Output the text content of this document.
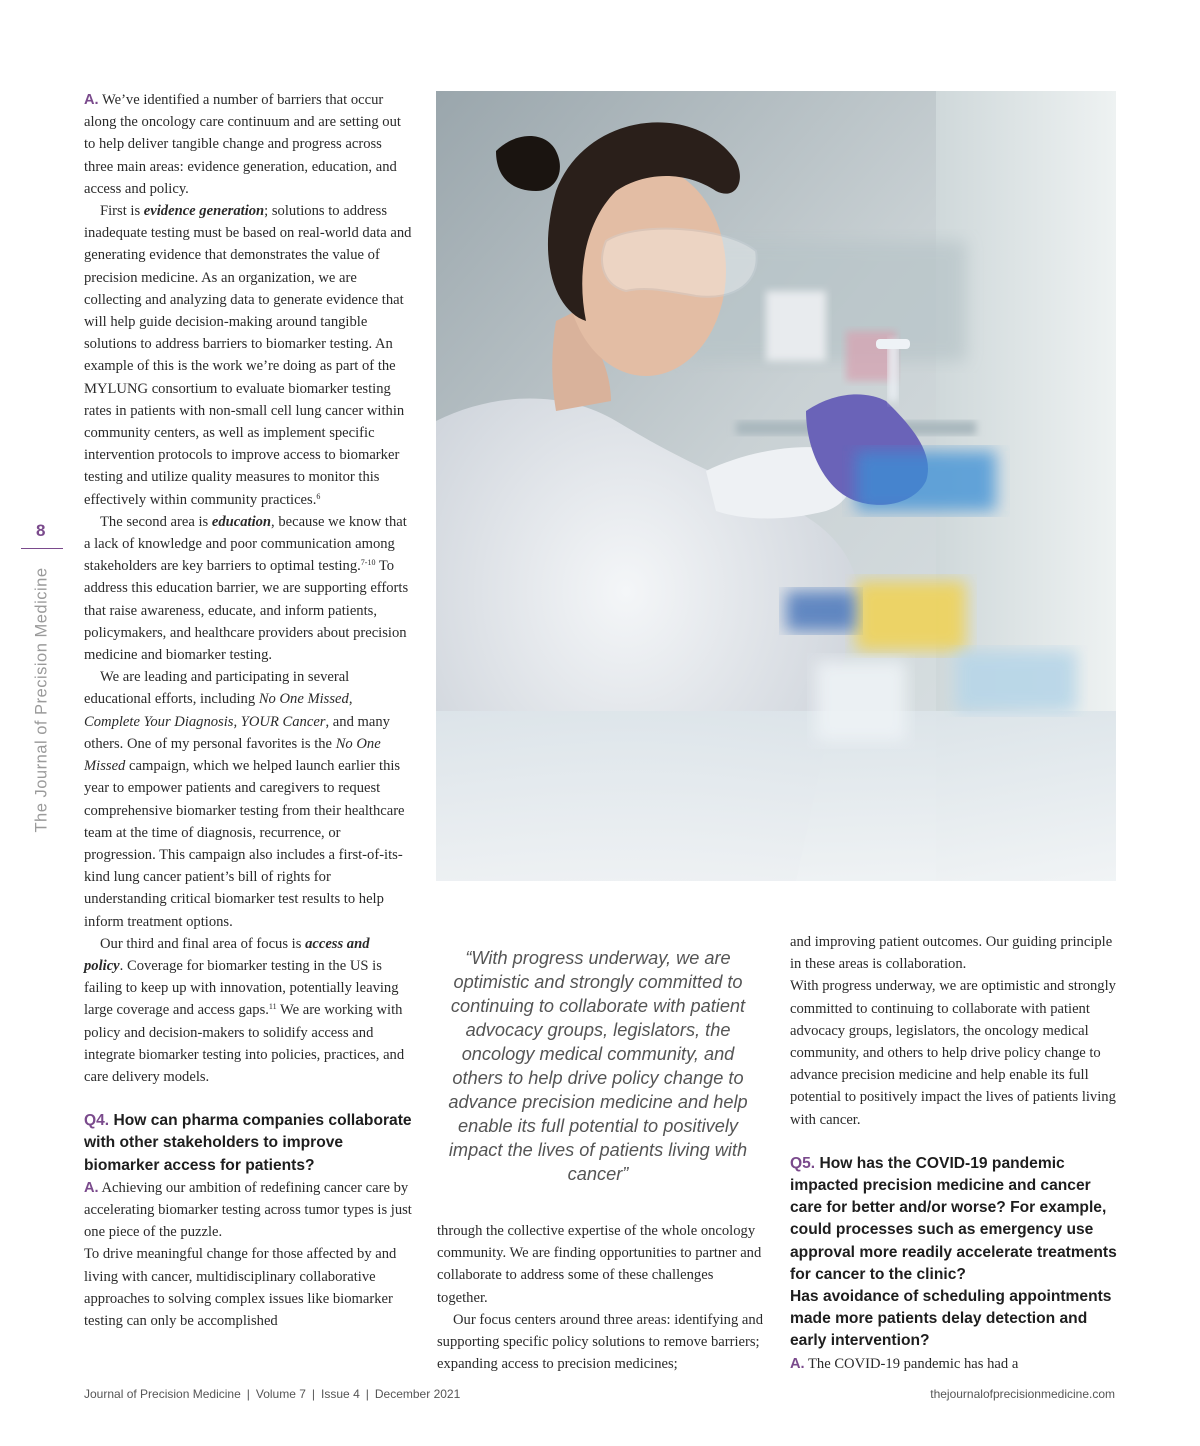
8
The Journal of Precision Medicine

A. We’ve identified a number of barriers that occur along the oncology care continuum and are setting out to help deliver tangible change and progress across three main areas: evidence generation, education, and access and policy.

First is evidence generation; solutions to address inadequate testing must be based on real-world data and generating evidence that demonstrates the value of precision medicine. As an organization, we are collecting and analyzing data to generate evidence that will help guide decision-making around tangible solutions to address barriers to biomarker testing. An example of this is the work we’re doing as part of the MYLUNG consortium to evaluate biomarker testing rates in patients with non-small cell lung cancer within community centers, as well as implement specific intervention protocols to improve access to biomarker testing and utilize quality measures to monitor this effectively within community practices.$^6$

The second area is education, because we know that a lack of knowledge and poor communication among stakeholders are key barriers to optimal testing.$^{7-10}$ To address this education barrier, we are supporting efforts that raise awareness, educate, and inform patients, policymakers, and healthcare providers about precision medicine and biomarker testing.

We are leading and participating in several educational efforts, including No One Missed, Complete Your Diagnosis, YOUR Cancer, and many others. One of my personal favorites is the No One Missed campaign, which we helped launch earlier this year to empower patients and caregivers to request comprehensive biomarker testing from their healthcare team at the time of diagnosis, recurrence, or progression. This campaign also includes a first-of-its-kind lung cancer patient’s bill of rights for understanding critical biomarker test results to help inform treatment options.

Our third and final area of focus is access and policy. Coverage for biomarker testing in the US is failing to keep up with innovation, potentially leaving large coverage and access gaps.$^{11}$ We are working with policy and decision-makers to solidify access and integrate biomarker testing into policies, practices, and care delivery models.

Q4. How can pharma companies collaborate with other stakeholders to improve biomarker access for patients?

A. Achieving our ambition of redefining cancer care by accelerating biomarker testing across tumor types is just one piece of the puzzle.

To drive meaningful change for those affected by and living with cancer, multidisciplinary collaborative approaches to solving complex issues like biomarker testing can only be accomplished

“With progress underway, we are optimistic and strongly committed to continuing to collaborate with patient advocacy groups, legislators, the oncology medical community, and others to help drive policy change to advance precision medicine and help enable its full potential to positively impact the lives of patients living with cancer”

through the collective expertise of the whole oncology community. We are finding opportunities to partner and collaborate to address some of these challenges together.

Our focus centers around three areas: identifying and supporting specific policy solutions to remove barriers; expanding access to precision medicines;

and improving patient outcomes. Our guiding principle in these areas is collaboration.

With progress underway, we are optimistic and strongly committed to continuing to collaborate with patient advocacy groups, legislators, the oncology medical community, and others to help drive policy change to advance precision medicine and help enable its full potential to positively impact the lives of patients living with cancer.

Q5. How has the COVID-19 pandemic impacted precision medicine and cancer care for better and/or worse? For example, could processes such as emergency use approval more readily accelerate treatments for cancer to the clinic?

Has avoidance of scheduling appointments made more patients delay detection and early intervention?

A. The COVID-19 pandemic has had a

Journal of Precision Medicine | Volume 7 | Issue 4 | December 2021	thejournalofprecisionmedicine.com
